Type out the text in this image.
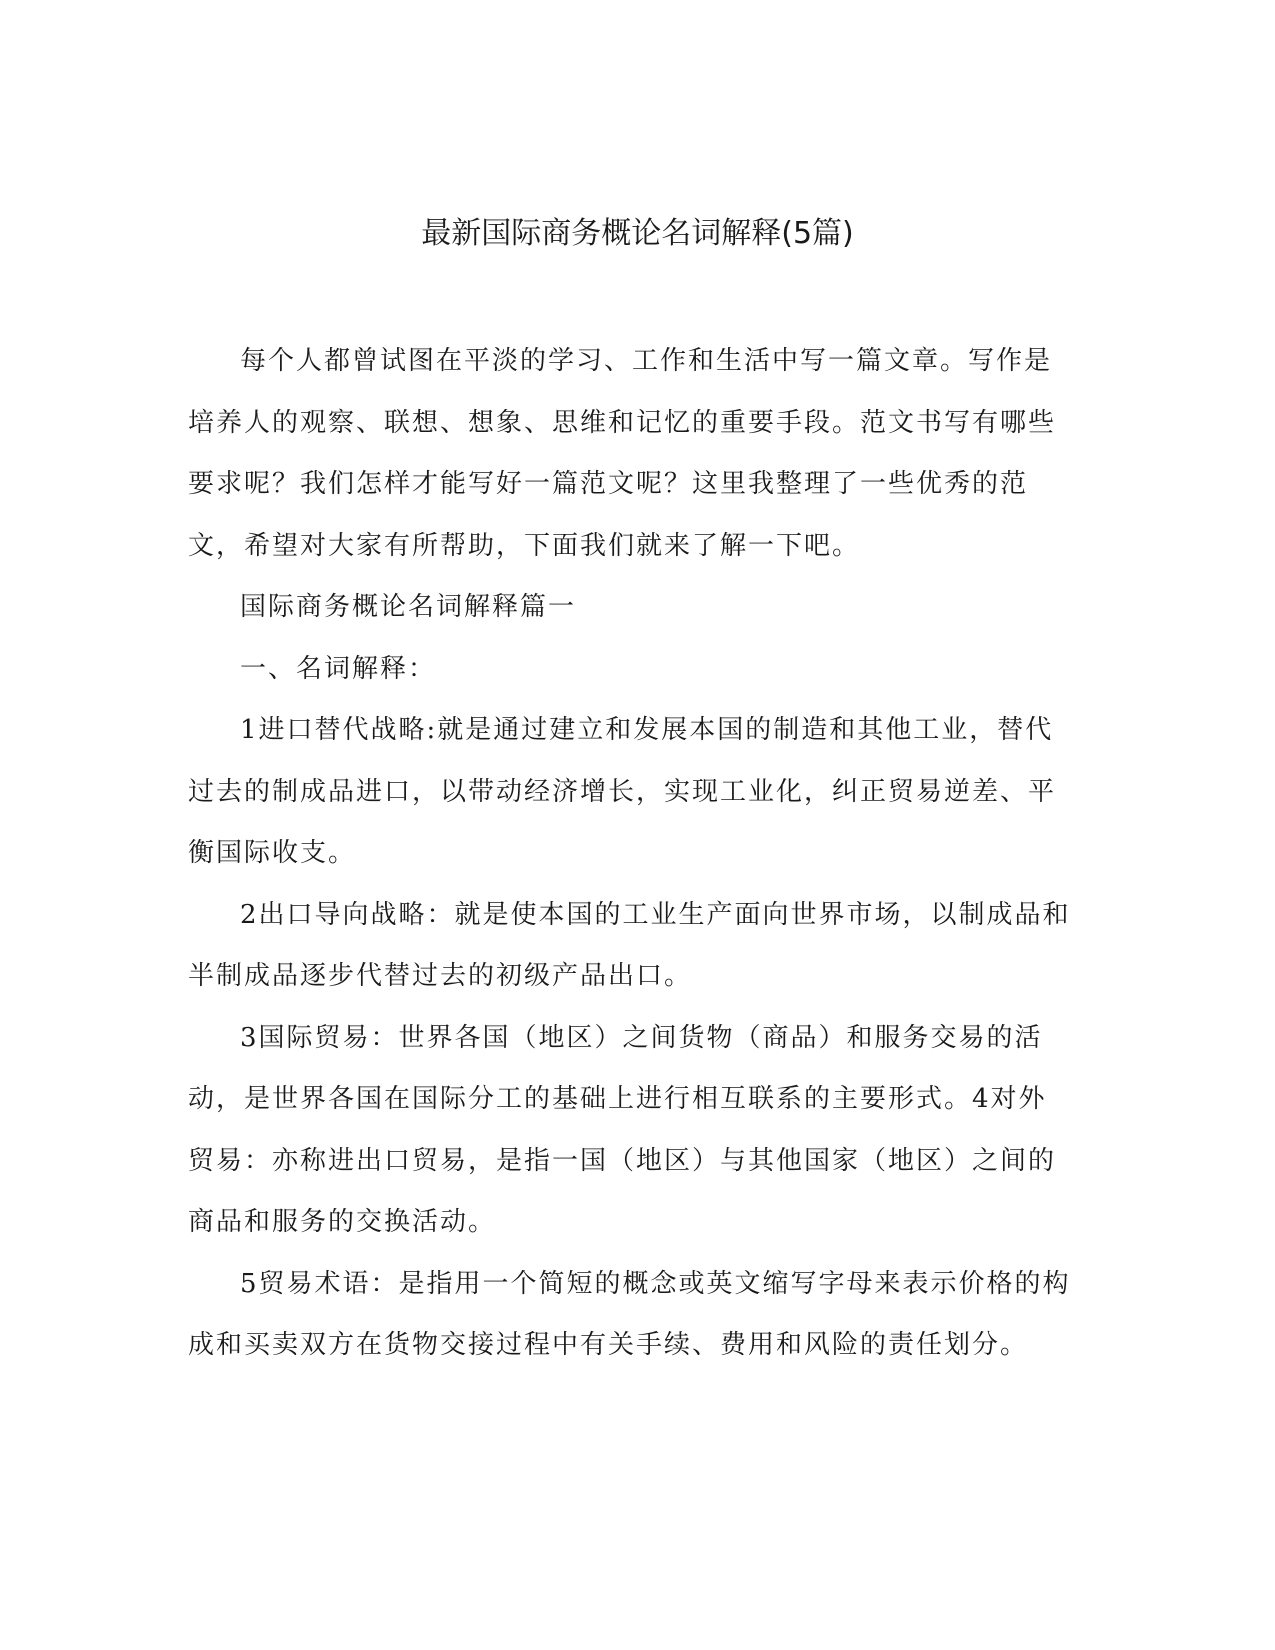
最新国际商务概论名词解释(5篇)

每个人都曾试图在平淡的学习、工作和生活中写一篇文章。写作是培养人的观察、联想、想象、思维和记忆的重要手段。范文书写有哪些要求呢？我们怎样才能写好一篇范文呢？这里我整理了一些优秀的范文，希望对大家有所帮助，下面我们就来了解一下吧。

国际商务概论名词解释篇一

一、名词解释：

1进口替代战略:就是通过建立和发展本国的制造和其他工业，替代过去的制成品进口，以带动经济增长，实现工业化，纠正贸易逆差、平衡国际收支。

2出口导向战略：就是使本国的工业生产面向世界市场，以制成品和半制成品逐步代替过去的初级产品出口。

3国际贸易：世界各国（地区）之间货物（商品）和服务交易的活动，是世界各国在国际分工的基础上进行相互联系的主要形式。4对外贸易：亦称进出口贸易，是指一国（地区）与其他国家（地区）之间的商品和服务的交换活动。

5贸易术语：是指用一个简短的概念或英文缩写字母来表示价格的构成和买卖双方在货物交接过程中有关手续、费用和风险的责任划分。
